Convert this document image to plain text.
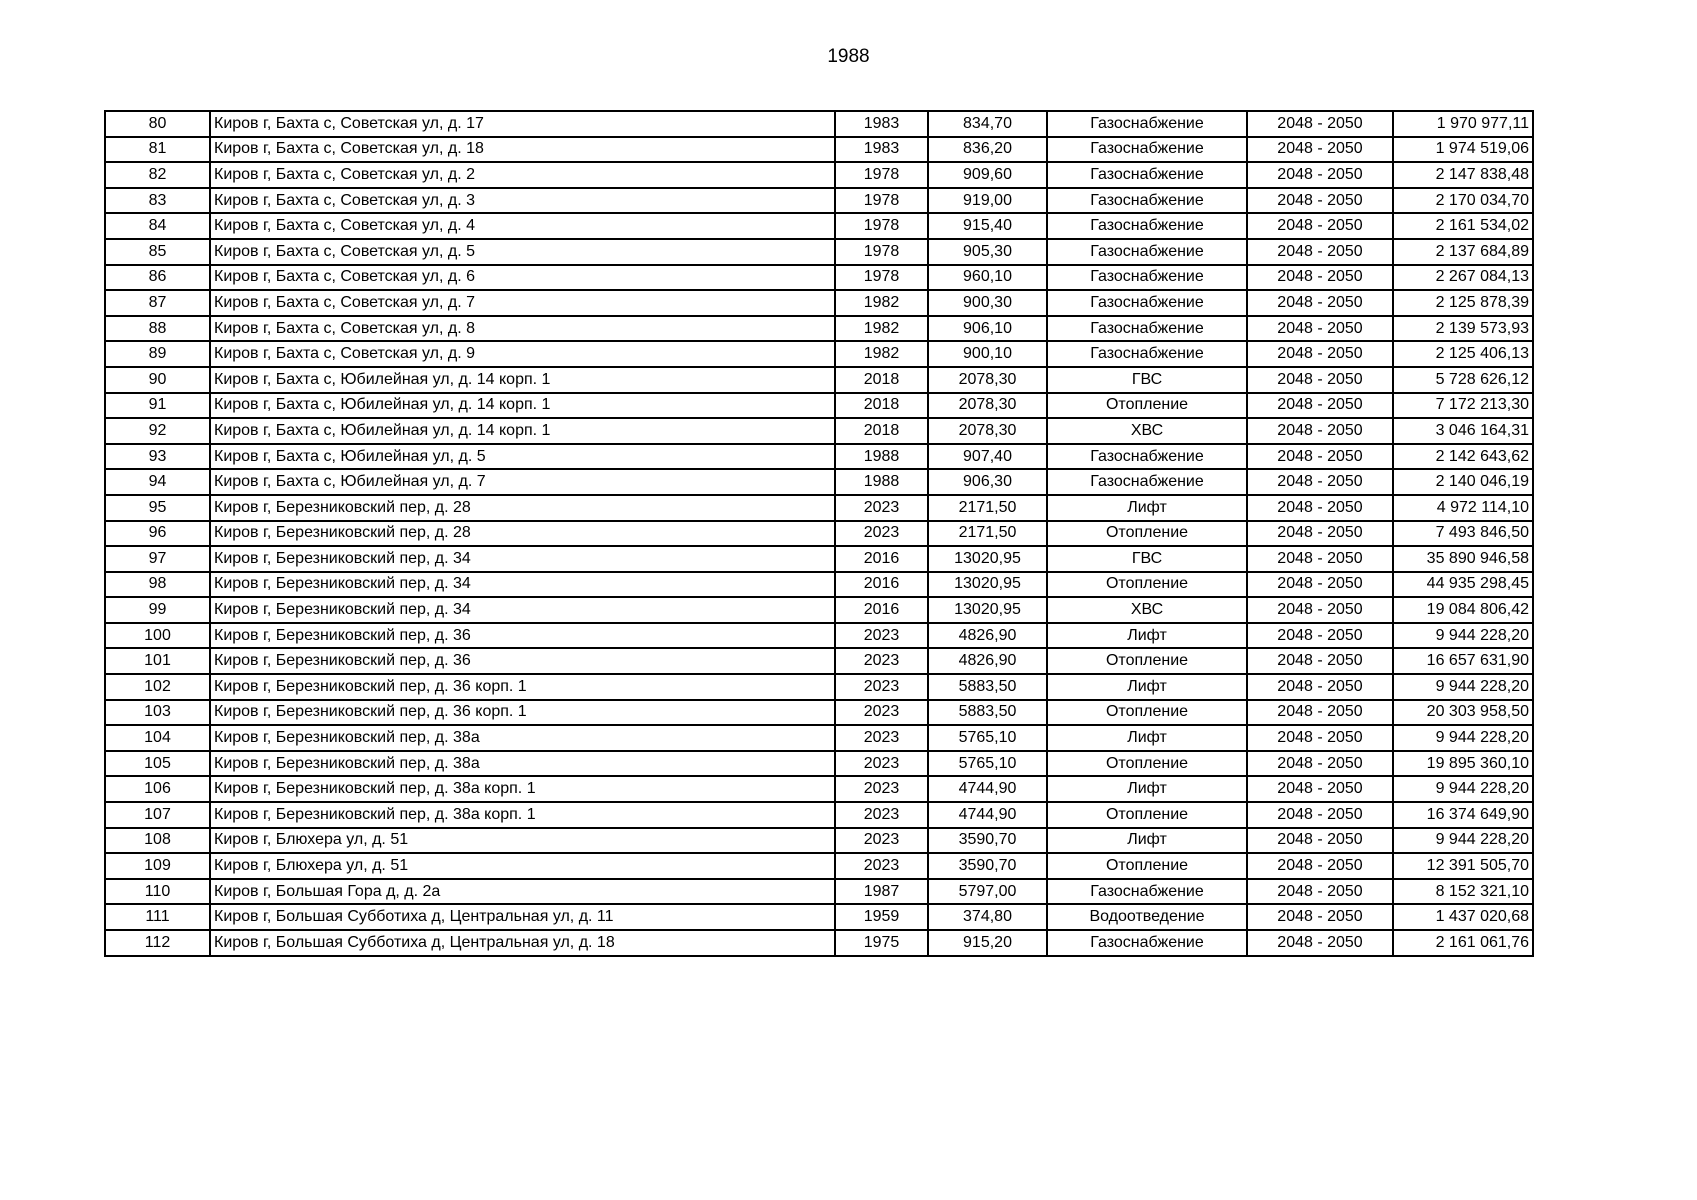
1988
80	Киров г, Бахта с, Советская ул, д. 17	1983	834,70	Газоснабжение	2048 - 2050	1 970 977,11
81	Киров г, Бахта с, Советская ул, д. 18	1983	836,20	Газоснабжение	2048 - 2050	1 974 519,06
82	Киров г, Бахта с, Советская ул, д. 2	1978	909,60	Газоснабжение	2048 - 2050	2 147 838,48
83	Киров г, Бахта с, Советская ул, д. 3	1978	919,00	Газоснабжение	2048 - 2050	2 170 034,70
84	Киров г, Бахта с, Советская ул, д. 4	1978	915,40	Газоснабжение	2048 - 2050	2 161 534,02
85	Киров г, Бахта с, Советская ул, д. 5	1978	905,30	Газоснабжение	2048 - 2050	2 137 684,89
86	Киров г, Бахта с, Советская ул, д. 6	1978	960,10	Газоснабжение	2048 - 2050	2 267 084,13
87	Киров г, Бахта с, Советская ул, д. 7	1982	900,30	Газоснабжение	2048 - 2050	2 125 878,39
88	Киров г, Бахта с, Советская ул, д. 8	1982	906,10	Газоснабжение	2048 - 2050	2 139 573,93
89	Киров г, Бахта с, Советская ул, д. 9	1982	900,10	Газоснабжение	2048 - 2050	2 125 406,13
90	Киров г, Бахта с, Юбилейная ул, д. 14 корп. 1	2018	2078,30	ГВС	2048 - 2050	5 728 626,12
91	Киров г, Бахта с, Юбилейная ул, д. 14 корп. 1	2018	2078,30	Отопление	2048 - 2050	7 172 213,30
92	Киров г, Бахта с, Юбилейная ул, д. 14 корп. 1	2018	2078,30	ХВС	2048 - 2050	3 046 164,31
93	Киров г, Бахта с, Юбилейная ул, д. 5	1988	907,40	Газоснабжение	2048 - 2050	2 142 643,62
94	Киров г, Бахта с, Юбилейная ул, д. 7	1988	906,30	Газоснабжение	2048 - 2050	2 140 046,19
95	Киров г, Березниковский пер, д. 28	2023	2171,50	Лифт	2048 - 2050	4 972 114,10
96	Киров г, Березниковский пер, д. 28	2023	2171,50	Отопление	2048 - 2050	7 493 846,50
97	Киров г, Березниковский пер, д. 34	2016	13020,95	ГВС	2048 - 2050	35 890 946,58
98	Киров г, Березниковский пер, д. 34	2016	13020,95	Отопление	2048 - 2050	44 935 298,45
99	Киров г, Березниковский пер, д. 34	2016	13020,95	ХВС	2048 - 2050	19 084 806,42
100	Киров г, Березниковский пер, д. 36	2023	4826,90	Лифт	2048 - 2050	9 944 228,20
101	Киров г, Березниковский пер, д. 36	2023	4826,90	Отопление	2048 - 2050	16 657 631,90
102	Киров г, Березниковский пер, д. 36 корп. 1	2023	5883,50	Лифт	2048 - 2050	9 944 228,20
103	Киров г, Березниковский пер, д. 36 корп. 1	2023	5883,50	Отопление	2048 - 2050	20 303 958,50
104	Киров г, Березниковский пер, д. 38а	2023	5765,10	Лифт	2048 - 2050	9 944 228,20
105	Киров г, Березниковский пер, д. 38а	2023	5765,10	Отопление	2048 - 2050	19 895 360,10
106	Киров г, Березниковский пер, д. 38а корп. 1	2023	4744,90	Лифт	2048 - 2050	9 944 228,20
107	Киров г, Березниковский пер, д. 38а корп. 1	2023	4744,90	Отопление	2048 - 2050	16 374 649,90
108	Киров г, Блюхера ул, д. 51	2023	3590,70	Лифт	2048 - 2050	9 944 228,20
109	Киров г, Блюхера ул, д. 51	2023	3590,70	Отопление	2048 - 2050	12 391 505,70
110	Киров г, Большая Гора д, д. 2а	1987	5797,00	Газоснабжение	2048 - 2050	8 152 321,10
111	Киров г, Большая Субботиха д, Центральная ул, д. 11	1959	374,80	Водоотведение	2048 - 2050	1 437 020,68
112	Киров г, Большая Субботиха д, Центральная ул, д. 18	1975	915,20	Газоснабжение	2048 - 2050	2 161 061,76
